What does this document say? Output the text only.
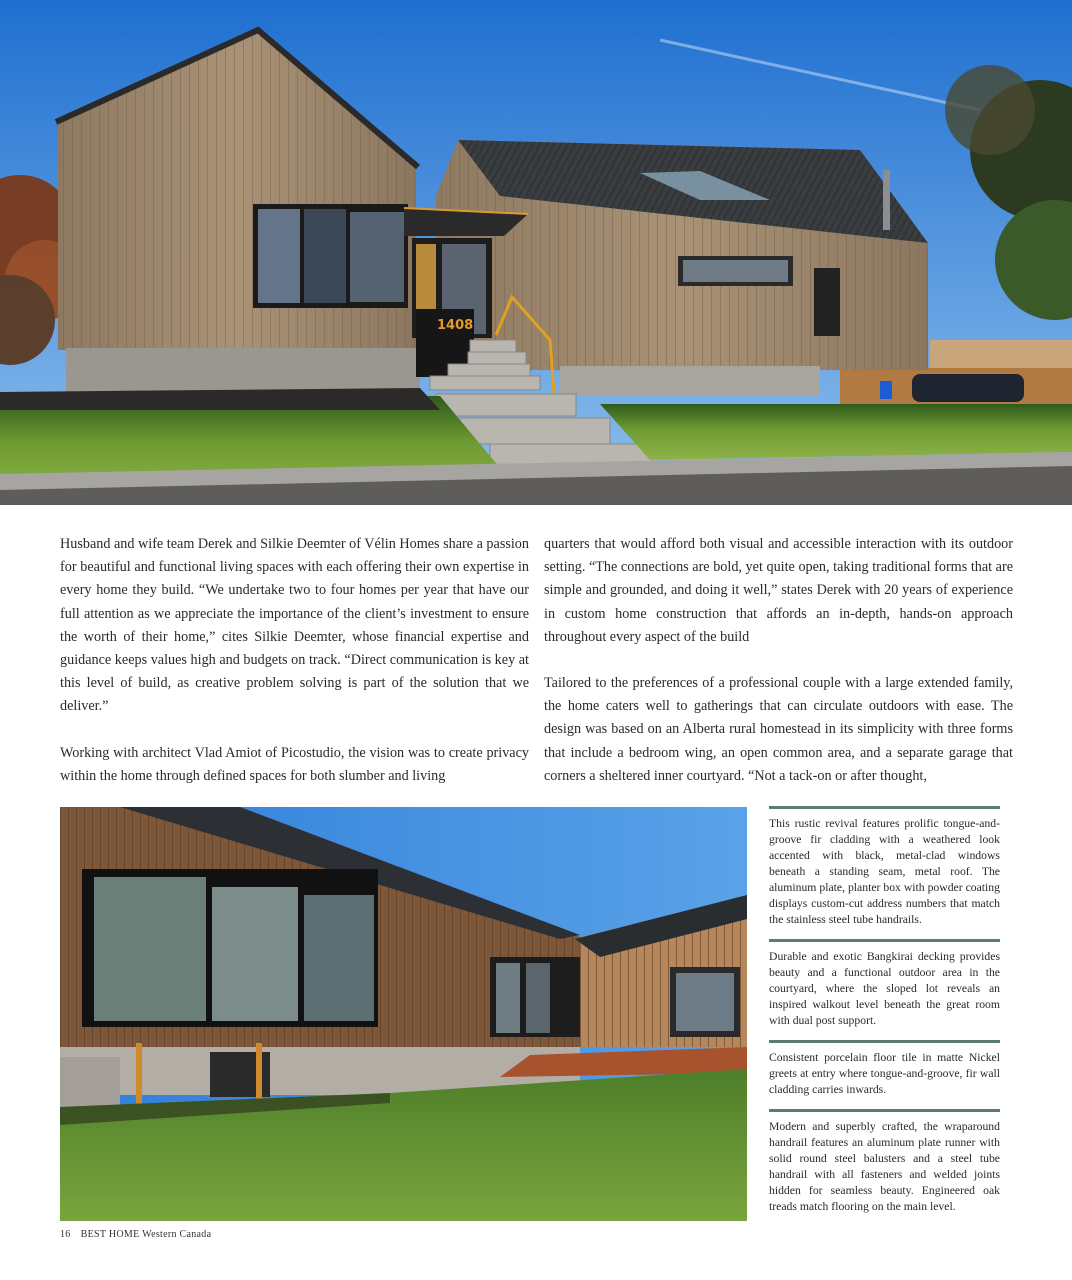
1408

Husband and wife team Derek and Silkie Deemter of Vélin Homes share a passion for beautiful and functional living spaces with each offering their own expertise in every home they build. “We undertake two to four homes per year that have our full attention as we appreciate the importance of the client’s investment to ensure the worth of their home,” cites Silkie Deemter, whose financial expertise and guidance keeps values high and budgets on track. “Direct communication is key at this level of build, as creative problem solving is part of the solution that we deliver.”

Working with architect Vlad Amiot of Picostudio, the vision was to create privacy within the home through defined spaces for both slumber and living

quarters that would afford both visual and accessible interaction with its outdoor setting. “The connections are bold, yet quite open, taking traditional forms that are simple and grounded, and doing it well,” states Derek with 20 years of experience in custom home construction that affords an in-depth, hands-on approach throughout every aspect of the build

Tailored to the preferences of a professional couple with a large extended family, the home caters well to gatherings that can circulate outdoors with ease. The design was based on an Alberta rural homestead in its simplicity with three forms that include a bedroom wing, an open common area, and a separate garage that corners a sheltered inner courtyard. “Not a tack-on or after thought,

This rustic revival features prolific tongue-and-groove fir cladding with a weathered look accented with black, metal-clad windows beneath a standing seam, metal roof. The aluminum plate, planter box with powder coating displays custom-cut address numbers that match the stainless steel tube handrails.
Durable and exotic Bangkirai decking provides beauty and a functional outdoor area in the courtyard, where the sloped lot reveals an inspired walkout level beneath the great room with dual post support.
Consistent porcelain floor tile in matte Nickel greets at entry where tongue-and-groove, fir wall cladding carries inwards.
Modern and superbly crafted, the wraparound handrail features an aluminum plate runner with solid round steel balusters and a steel tube handrail with all fasteners and welded joints hidden for seamless beauty. Engineered oak treads match flooring on the main level.
16 BEST HOME Western Canada
